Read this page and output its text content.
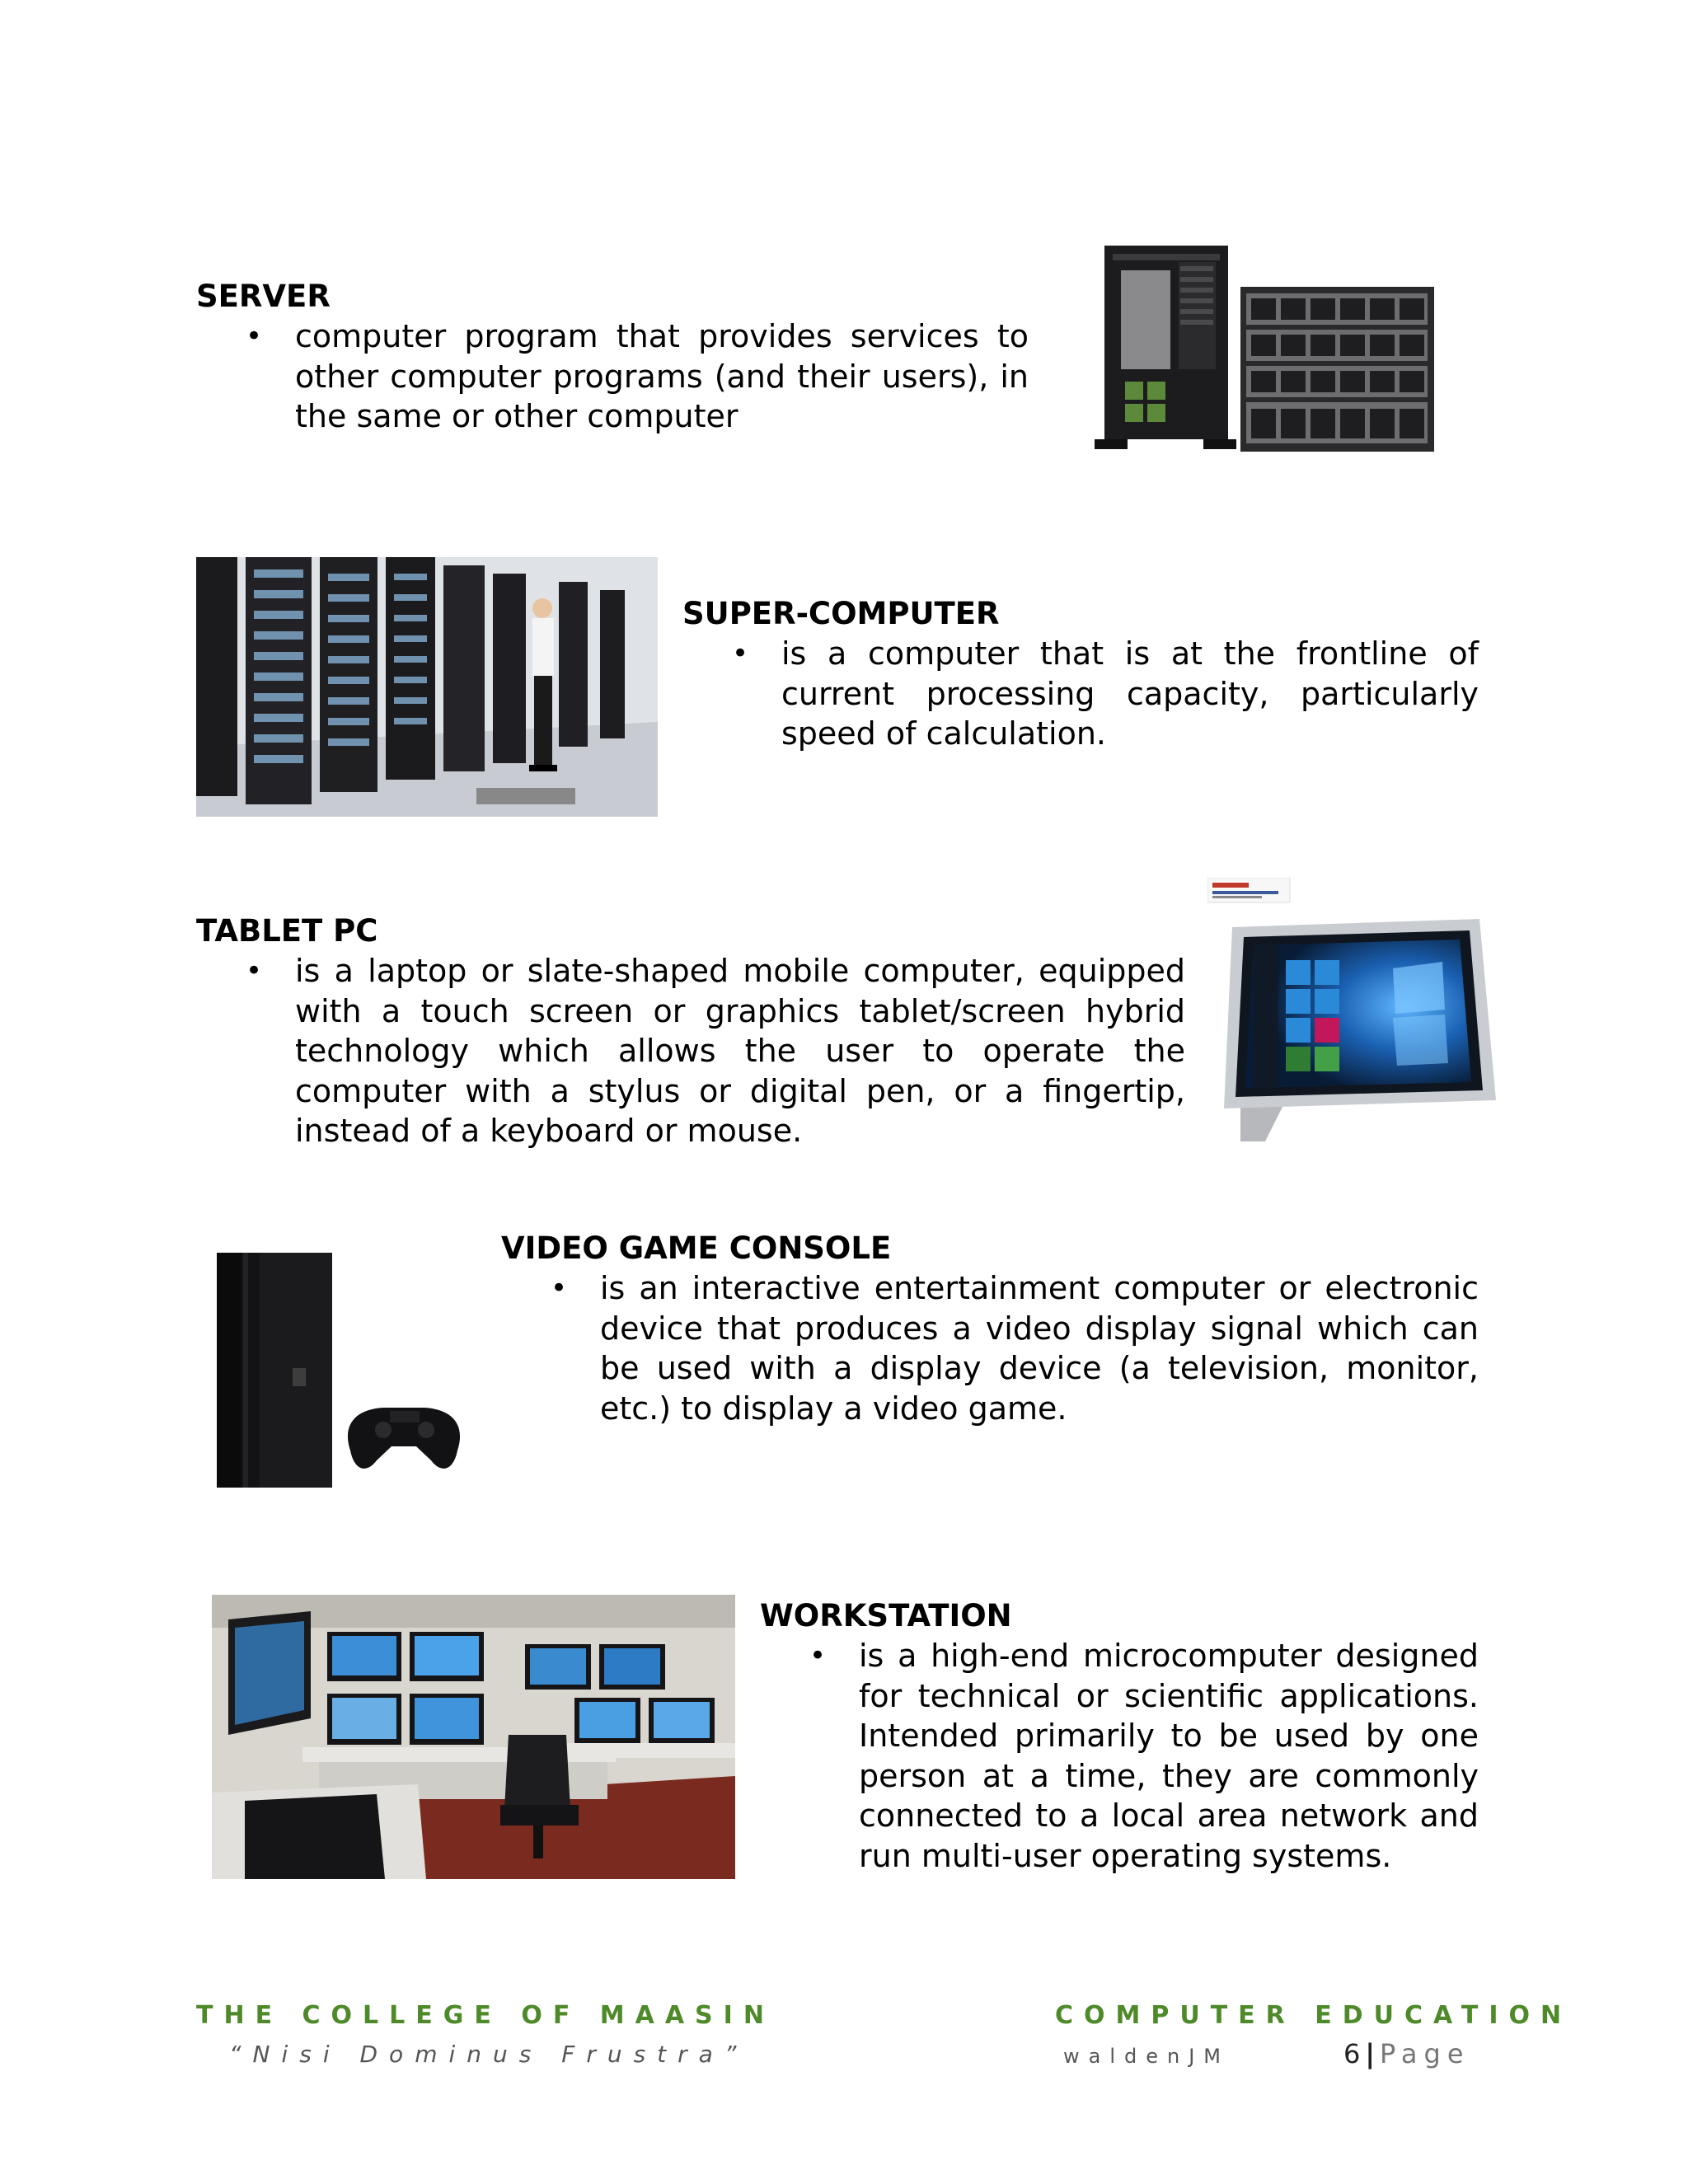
SERVER
• computer program that provides services to other computer programs (and their users), in the same or other computer

SUPER-COMPUTER
• is a computer that is at the frontline of current processing capacity, particularly speed of calculation.

TABLET PC
• is a laptop or slate-shaped mobile computer, equipped with a touch screen or graphics tablet/screen hybrid technology which allows the user to operate the computer with a stylus or digital pen, or a fingertip, instead of a keyboard or mouse.

VIDEO GAME CONSOLE
• is an interactive entertainment computer or electronic device that produces a video display signal which can be used with a display device (a television, monitor, etc.) to display a video game.

WORKSTATION
• is a high-end microcomputer designed for technical or scientific applications. Intended primarily to be used by one person at a time, they are commonly connected to a local area network and run multi-user operating systems.

THE COLLEGE OF MAASIN
“Nisi Dominus Frustra”
COMPUTER EDUCATION
waldenJM	6 | Page
